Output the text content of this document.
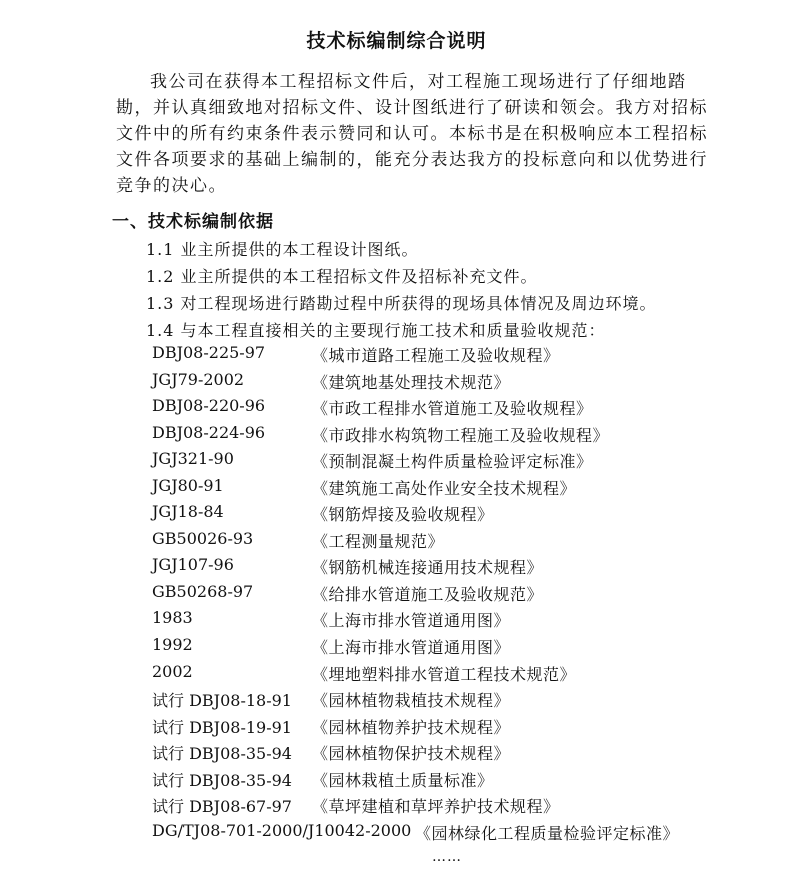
技术标编制综合说明

我公司在获得本工程招标文件后，对工程施工现场进行了仔细地踏勘，并认真细致地对招标文件、设计图纸进行了研读和领会。我方对招标文件中的所有约束条件表示赞同和认可。本标书是在积极响应本工程招标文件各项要求的基础上编制的，能充分表达我方的投标意向和以优势进行竞争的决心。

一、技术标编制依据
1.1 业主所提供的本工程设计图纸。
1.2 业主所提供的本工程招标文件及招标补充文件。
1.3 对工程现场进行踏勘过程中所获得的现场具体情况及周边环境。
1.4 与本工程直接相关的主要现行施工技术和质量验收规范：
DBJ08-225-97	《城市道路工程施工及验收规程》
JGJ79-2002	《建筑地基处理技术规范》
DBJ08-220-96	《市政工程排水管道施工及验收规程》
DBJ08-224-96	《市政排水构筑物工程施工及验收规程》
JGJ321-90	《预制混凝土构件质量检验评定标准》
JGJ80-91	《建筑施工高处作业安全技术规程》
JGJ18-84	《钢筋焊接及验收规程》
GB50026-93	《工程测量规范》
JGJ107-96	《钢筋机械连接通用技术规程》
GB50268-97	《给排水管道施工及验收规范》
1983	《上海市排水管道通用图》
1992	《上海市排水管道通用图》
2002	《埋地塑料排水管道工程技术规范》
试行 DBJ08-18-91 《园林植物栽植技术规程》
试行 DBJ08-19-91 《园林植物养护技术规程》
试行 DBJ08-35-94 《园林植物保护技术规程》
试行 DBJ08-35-94 《园林栽植土质量标准》
试行 DBJ08-67-97 《草坪建植和草坪养护技术规程》
DG/TJ08-701-2000/J10042-2000 《园林绿化工程质量检验评定标准》
……
